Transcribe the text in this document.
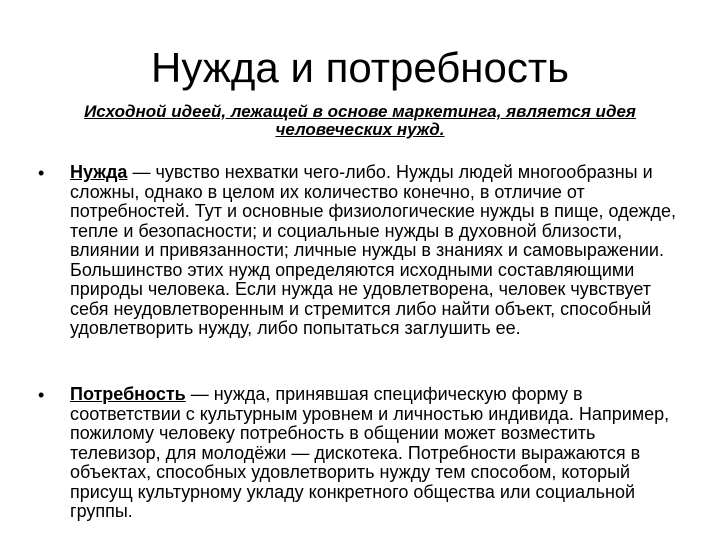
Нужда и потребность
Исходной идеей, лежащей в основе маркетинга, является идея человеческих нужд.
• Нужда — чувство нехватки чего-либо. Нужды людей многообразны и сложны, однако в целом их количество конечно, в отличие от потребностей. Тут и основные физиологические нужды в пище, одежде, тепле и безопасности; и социальные нужды в духовной близости, влиянии и привязанности; личные нужды в знаниях и самовыражении. Большинство этих нужд определяются исходными составляющими природы человека. Если нужда не удовлетворена, человек чувствует себя неудовлетворенным и стремится либо найти объект, способный удовлетворить нужду, либо попытаться заглушить ее.
• Потребность — нужда, принявшая специфическую форму в соответствии с культурным уровнем и личностью индивида. Например, пожилому человеку потребность в общении может возместить телевизор, для молодёжи — дискотека. Потребности выражаются в объектах, способных удовлетворить нужду тем способом, который присущ культурному укладу конкретного общества или социальной группы.
